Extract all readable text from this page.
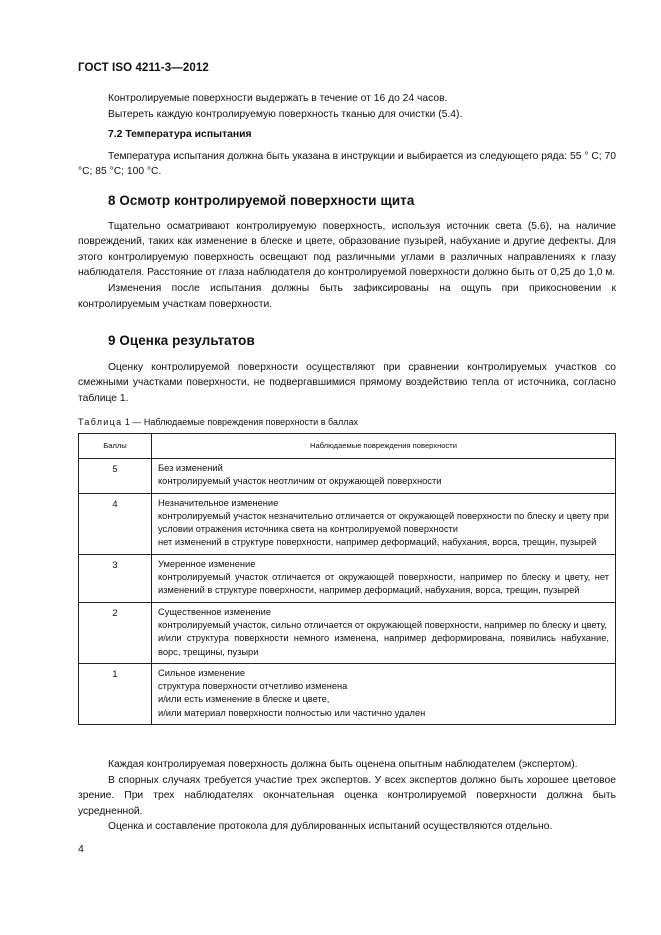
ГОСТ ISO 4211-3—2012

Контролируемые поверхности выдержать в течение от 16 до 24 часов.

Вытереть каждую контролируемую поверхность тканью для очистки (5.4).

7.2 Температура испытания

Температура испытания должна быть указана в инструкции и выбирается из следующего ряда: 55 ° С; 70 °С; 85 °С; 100 °С.

8 Осмотр контролируемой поверхности щита

Тщательно осматривают контролируемую поверхность, используя источник света (5.6), на наличие повреждений, таких как изменение в блеске и цвете, образование пузырей, набухание и другие дефекты. Для этого контролируемую поверхность освещают под различными углами в различных направлениях к глазу наблюдателя. Расстояние от глаза наблюдателя до контролируемой поверхности должно быть от 0,25 до 1,0 м.

Изменения после испытания должны быть зафиксированы на ощупь при прикосновении к контролируемым участкам поверхности.

9 Оценка результатов

Оценку контролируемой поверхности осуществляют при сравнении контролируемых участков со смежными участками поверхности, не подвергавшимися прямому воздействию тепла от источника, согласно таблице 1.

Таблица 1 — Наблюдаемые повреждения поверхности в баллах
Баллы	Наблюдаемые повреждения поверхности
5	Без изменений
контролируемый участок неотличим от окружающей поверхности

4	Незначительное изменение
контролируемый участок незначительно отличается от окружающей поверхности по блеску и цвету при условии отражения источника света на контролируемой поверхности
нет изменений в структуре поверхности, например деформаций, набухания, ворса, трещин, пузырей

3	Умеренное изменение
контролируемый участок отличается от окружающей поверхности, например по блеску и цвету, нет изменений в структуре поверхности, например деформаций, набухания, ворса, трещин, пузырей

2	Существенное изменение
контролируемый участок, сильно отличается от окружающей поверхности, например по блеску и цвету,
и/или структура поверхности немного изменена, например деформирована, появились набухание, ворс, трещины, пузыри

1	Сильное изменение
структура поверхности отчетливо изменена
и/или есть изменение в блеске и цвете,
и/или материал поверхности полностью или частично удален

Каждая контролируемая поверхность должна быть оценена опытным наблюдателем (экспертом).

В спорных случаях требуется участие трех экспертов. У всех экспертов должно быть хорошее цветовое зрение. При трех наблюдателях окончательная оценка контролируемой поверхности должна быть усредненной.

Оценка и составление протокола для дублированных испытаний осуществляются отдельно.

4
